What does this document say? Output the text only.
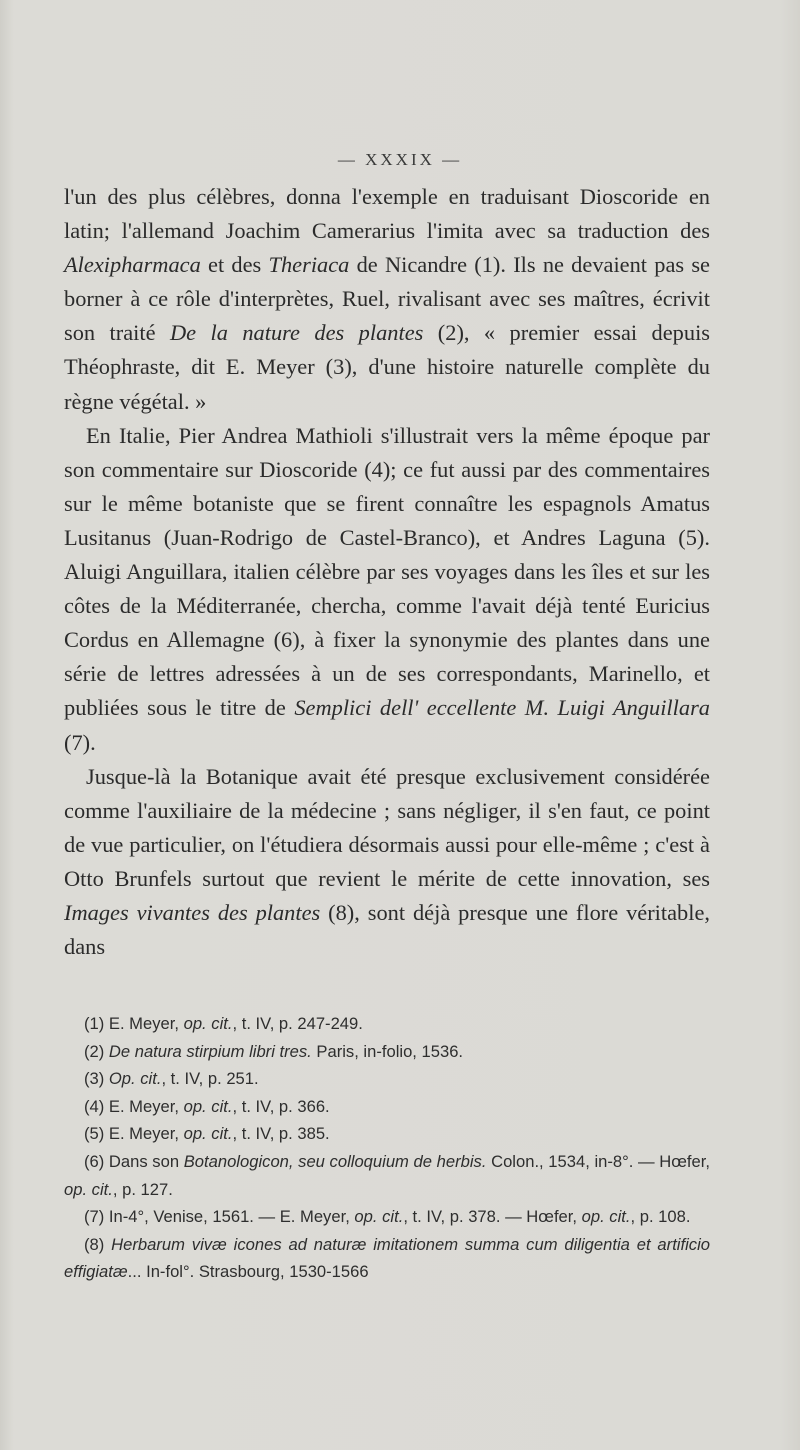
— XXXIX —

l'un des plus célèbres, donna l'exemple en traduisant Dioscoride en latin; l'allemand Joachim Camerarius l'imita avec sa traduction des Alexipharmaca et des Theriaca de Nicandre (1). Ils ne devaient pas se borner à ce rôle d'interprètes, Ruel, rivalisant avec ses maîtres, écrivit son traité De la nature des plantes (2), « premier essai depuis Théophraste, dit E. Meyer (3), d'une histoire naturelle complète du règne végétal. »

En Italie, Pier Andrea Mathioli s'illustrait vers la même époque par son commentaire sur Dioscoride (4); ce fut aussi par des commentaires sur le même botaniste que se firent connaître les espagnols Amatus Lusitanus (Juan-Rodrigo de Castel-Branco), et Andres Laguna (5). Aluigi Anguillara, italien célèbre par ses voyages dans les îles et sur les côtes de la Méditerranée, chercha, comme l'avait déjà tenté Euricius Cordus en Allemagne (6), à fixer la synonymie des plantes dans une série de lettres adressées à un de ses correspondants, Marinello, et publiées sous le titre de Semplici dell' eccellente M. Luigi Anguillara (7).

Jusque-là la Botanique avait été presque exclusivement considérée comme l'auxiliaire de la médecine ; sans négliger, il s'en faut, ce point de vue particulier, on l'étudiera désormais aussi pour elle-même ; c'est à Otto Brunfels surtout que revient le mérite de cette innovation, ses Images vivantes des plantes (8), sont déjà presque une flore véritable, dans

(1) E. Meyer, op. cit., t. IV, p. 247-249.

(2) De natura stirpium libri tres. Paris, in-folio, 1536.

(3) Op. cit., t. IV, p. 251.

(4) E. Meyer, op. cit., t. IV, p. 366.

(5) E. Meyer, op. cit., t. IV, p. 385.

(6) Dans son Botanologicon, seu colloquium de herbis. Colon., 1534, in-8°. — Hœfer, op. cit., p. 127.

(7) In-4°, Venise, 1561. — E. Meyer, op. cit., t. IV, p. 378. — Hœfer, op. cit., p. 108.

(8) Herbarum vivæ icones ad naturæ imitationem summa cum diligentia et artificio effigiatæ... In-fol°. Strasbourg, 1530-1566
